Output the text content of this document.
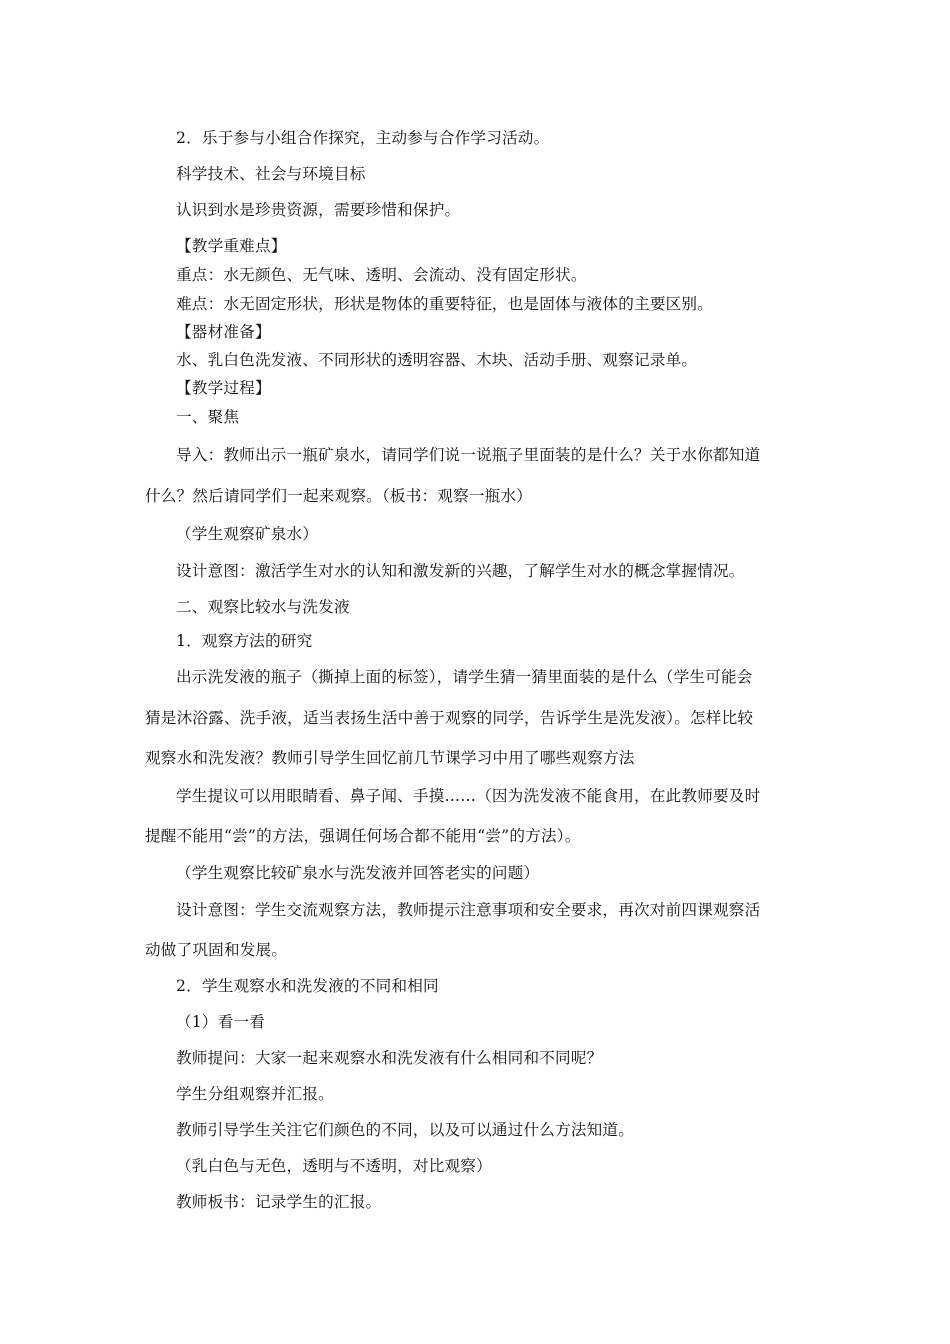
2．乐于参与小组合作探究，主动参与合作学习活动。
科学技术、社会与环境目标
认识到水是珍贵资源，需要珍惜和保护。
【教学重难点】
重点：水无颜色、无气味、透明、会流动、没有固定形状。
难点：水无固定形状，形状是物体的重要特征，也是固体与液体的主要区别。
【器材准备】
水、乳白色洗发液、不同形状的透明容器、木块、活动手册、观察记录单。
【教学过程】
一、聚焦
导入：教师出示一瓶矿泉水，请同学们说一说瓶子里面装的是什么？关于水你都知道
什么？然后请同学们一起来观察。（板书：观察一瓶水）
（学生观察矿泉水）
设计意图：激活学生对水的认知和激发新的兴趣，了解学生对水的概念掌握情况。
二、观察比较水与洗发液
1．观察方法的研究
出示洗发液的瓶子（撕掉上面的标签），请学生猜一猜里面装的是什么（学生可能会
猜是沐浴露、洗手液，适当表扬生活中善于观察的同学，告诉学生是洗发液）。怎样比较
观察水和洗发液？教师引导学生回忆前几节课学习中用了哪些观察方法
学生提议可以用眼睛看、鼻子闻、手摸……（因为洗发液不能食用，在此教师要及时
提醒不能用“尝”的方法，强调任何场合都不能用“尝”的方法）。
（学生观察比较矿泉水与洗发液并回答老实的问题）
设计意图：学生交流观察方法，教师提示注意事项和安全要求，再次对前四课观察活
动做了巩固和发展。
2．学生观察水和洗发液的不同和相同
（1）看一看
教师提问：大家一起来观察水和洗发液有什么相同和不同呢？
学生分组观察并汇报。
教师引导学生关注它们颜色的不同，以及可以通过什么方法知道。
（乳白色与无色，透明与不透明，对比观察）
教师板书：记录学生的汇报。
